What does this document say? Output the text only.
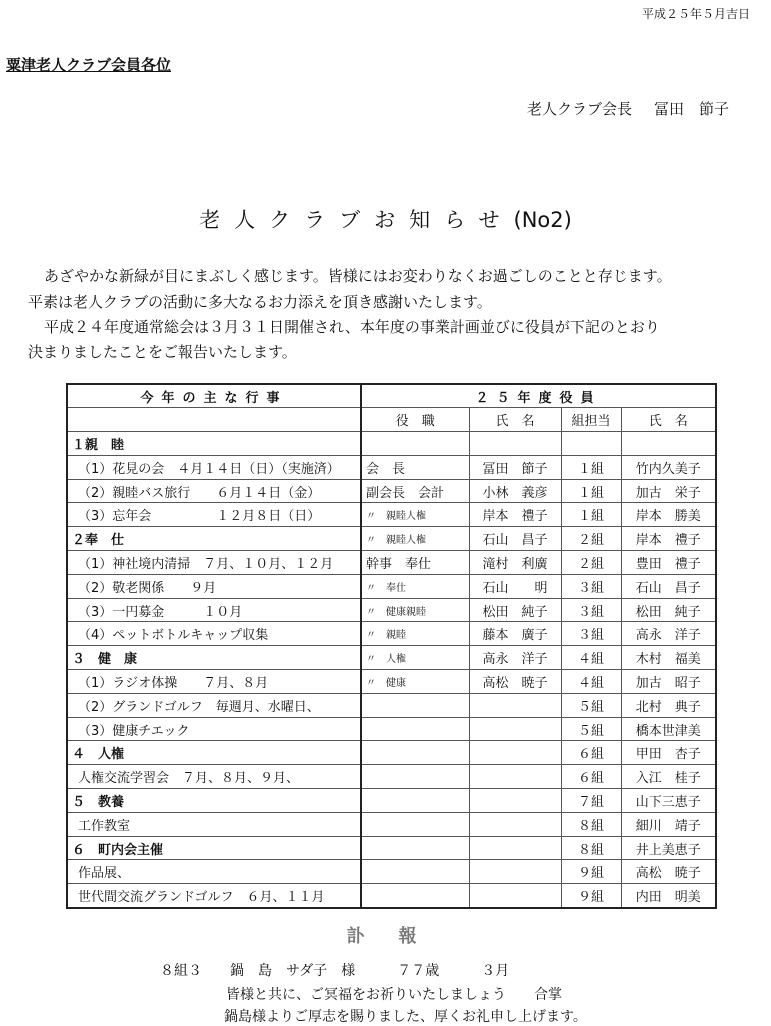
平成２５年５月吉日
粟津老人クラブ会員各位
老人クラブ会長 冨田　節子
老人クラブお知らせ(No2)
あざやかな新緑が目にまぶしく感じます。皆様にはお変わりなくお過ごしのことと存じます。
平素は老人クラブの活動に多大なるお力添えを頂き感謝いたします。
平成２４年度通常総会は３月３１日開催され、本年度の事業計画並びに役員が下記のとおり
決まりましたことをご報告いたします。
今年の主な行事	２５年度役員			
	役　職	氏　名	組担当	氏　名
１親　睦				
（1）花見の会　４月１４日（日）（実施済）	会　長	冨田　節子	１組	竹内久美子
（2）親睦バス旅行　　６月１４日（金）	副会長　会計	小林　義彦	１組	加古　栄子
（3）忘年会　　　　　１２月８日（日）	〃　親睦人権	岸本　禮子	１組	岸本　勝美
２奉　仕	〃　親睦人権	石山　昌子	２組	岸本　禮子
（1）神社境内清掃　７月、１０月、１２月	幹事　奉仕	滝村　利廣	２組	豊田　禮子
（2）敬老関係　　９月	〃　奉仕	石山　　明	３組	石山　昌子
（3）一円募金　　　１０月	〃　健康親睦	松田　純子	３組	松田　純子
（4）ペットボトルキャップ収集	〃　親睦	藤本　廣子	３組	高永　洋子
３　健　康	〃　人権	高永　洋子	４組	木村　福美
（1）ラジオ体操　　７月、８月	〃　健康	高松　暁子	４組	加古　昭子
（2）グランドゴルフ　毎週月、水曜日、			５組	北村　典子
（3）健康チエック			５組	橋本世津美
４　人権			６組	甲田　杏子
人権交流学習会　７月、８月、９月、			６組	入江　桂子
５　教養			７組	山下三恵子
工作教室			８組	細川　靖子
６　町内会主催			８組	井上美恵子
作品展、			９組	高松　暁子
世代間交流グランドゴルフ　６月、１１月			９組	内田　明美
訃　報
８組３　　鍋　島　サダ子　様　　　７７歳　　　３月
皆様と共に、ご冥福をお祈りいたしましょう　　合掌
鍋島様よりご厚志を賜りました、厚くお礼申し上げます。
